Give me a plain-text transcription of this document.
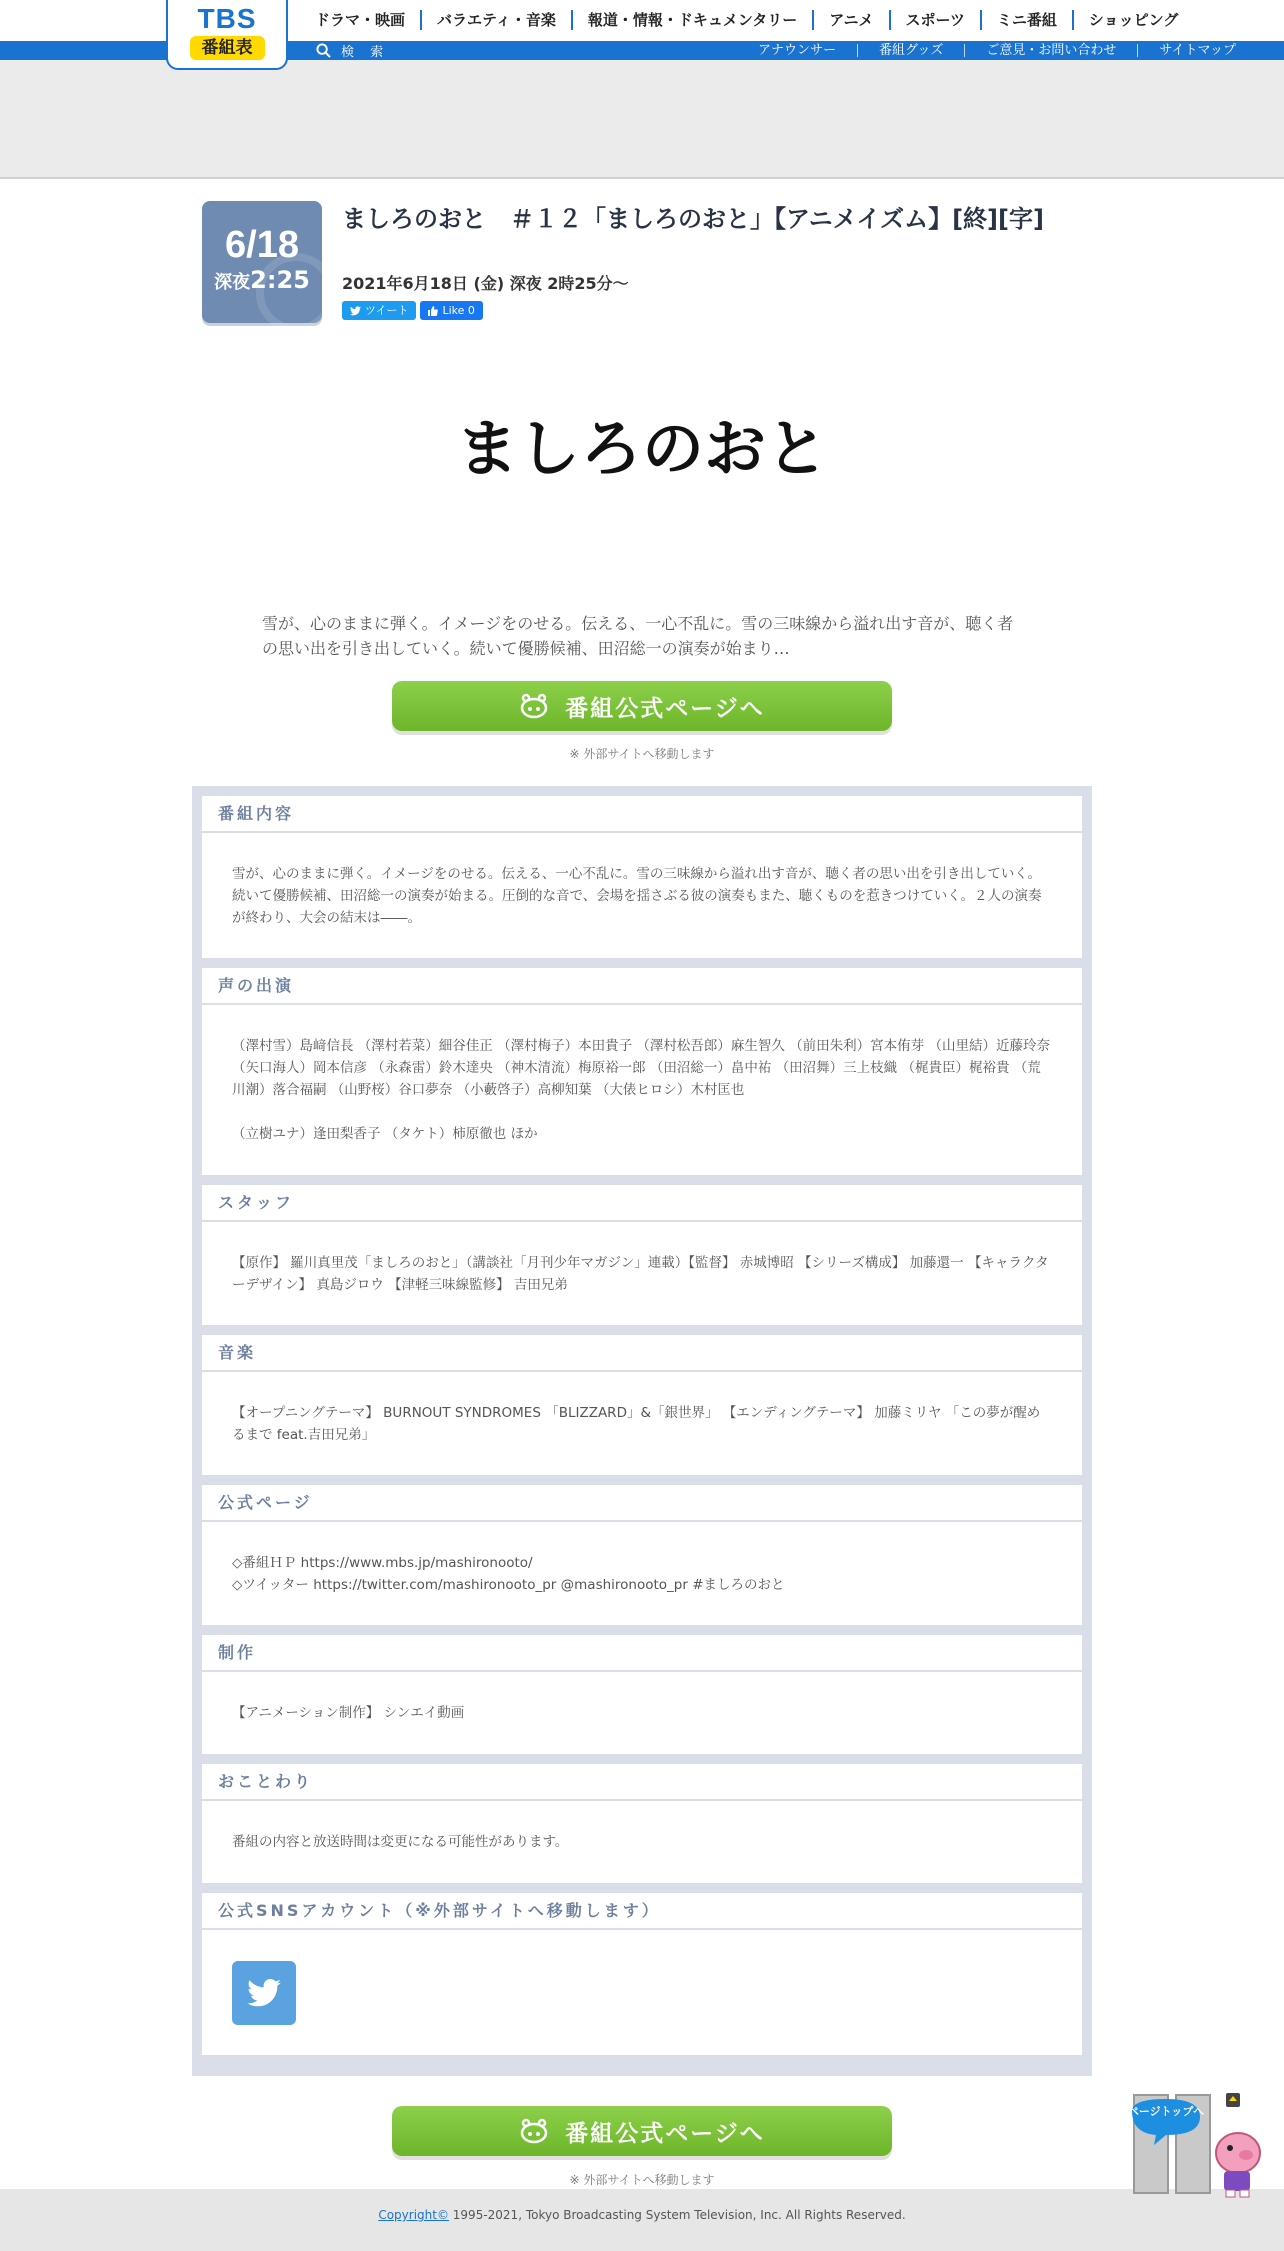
ドラマ・映画	バラエティ・音楽	報道・情報・ドキュメンタリー	アニメ	スポーツ	ミニ番組	ショッピング
検 索	アナウンサー	番組グッズ	ご意見・お問い合わせ	サイトマップ
TBS
番組表
6/18
深夜2:25
ましろのおと　＃１２「ましろのおと」【アニメイズム】[終][字]
2021年6月18日 (金) 深夜 2時25分〜
ツイート	Like 0
ましろのおと

雪が、心のままに弾く。イメージをのせる。伝える、一心不乱に。雪の三味線から溢れ出す音が、聴く者の思い出を引き出していく。続いて優勝候補、田沼総一の演奏が始まり…

番組公式ページへ
※ 外部サイトへ移動します
番組内容

雪が、心のままに弾く。イメージをのせる。伝える、一心不乱に。雪の三味線から溢れ出す音が、聴く者の思い出を引き出していく。続いて優勝候補、田沼総一の演奏が始まる。圧倒的な音で、会場を揺さぶる彼の演奏もまた、聴くものを惹きつけていく。２人の演奏が終わり、大会の結末は――。

声の出演

（澤村雪）島﨑信長 （澤村若菜）細谷佳正 （澤村梅子）本田貴子 （澤村松吾郎）麻生智久 （前田朱利）宮本侑芽 （山里結）近藤玲奈 （矢口海人）岡本信彦 （永森雷）鈴木達央 （神木清流）梅原裕一郎 （田沼総一）畠中祐 （田沼舞）三上枝織 （梶貴臣）梶裕貴 （荒川潮）落合福嗣 （山野桜）谷口夢奈 （小藪啓子）高柳知葉 （大俵ヒロシ）木村匡也

（立樹ユナ）逢田梨香子 （タケト）柿原徹也 ほか

スタッフ

【原作】 羅川真里茂「ましろのおと」（講談社「月刊少年マガジン」連載）【監督】 赤城博昭 【シリーズ構成】 加藤還一 【キャラクターデザイン】 真島ジロウ 【津軽三味線監修】 吉田兄弟

音楽

【オープニングテーマ】 BURNOUT SYNDROMES 「BLIZZARD」&「銀世界」 【エンディングテーマ】 加藤ミリヤ 「この夢が醒めるまで feat.吉田兄弟」

公式ページ
◇番組ＨＰ https://www.mbs.jp/mashironooto/
◇ツイッター https://twitter.com/mashironooto_pr @mashironooto_pr #ましろのおと
制作

【アニメーション制作】 シンエイ動画

おことわり

番組の内容と放送時間は変更になる可能性があります。

公式SNSアカウント（※外部サイトへ移動します）
番組公式ページへ
※ 外部サイトへ移動します
Copyright© 1995-2021, Tokyo Broadcasting System Television, Inc. All Rights Reserved.
ページトップへ
